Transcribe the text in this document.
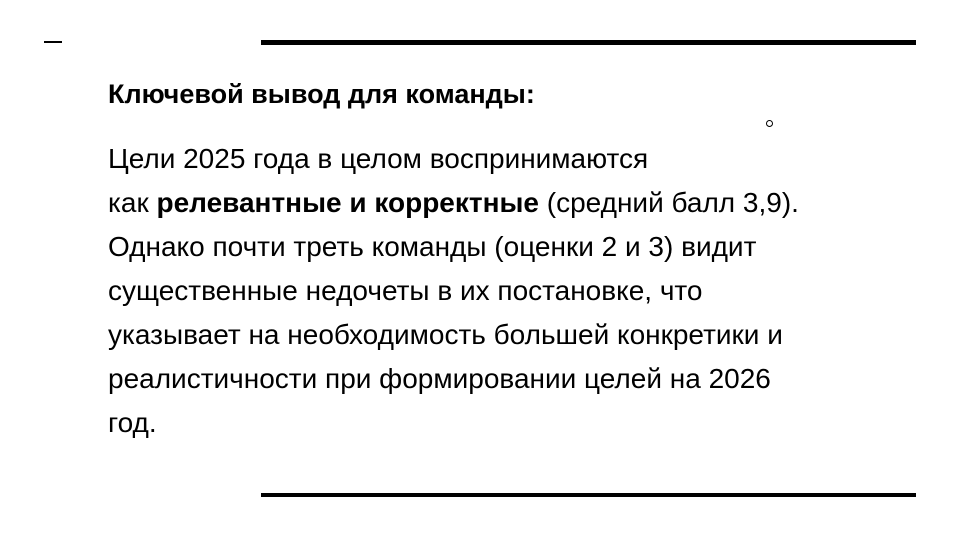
Ключевой вывод для команды:

Цели 2025 года в целом воспринимаются
как релевантные и корректные (средний балл 3,9).
Однако почти треть команды (оценки 2 и 3) видит
существенные недочеты в их постановке, что
указывает на необходимость большей конкретики и
реалистичности при формировании целей на 2026
год.
